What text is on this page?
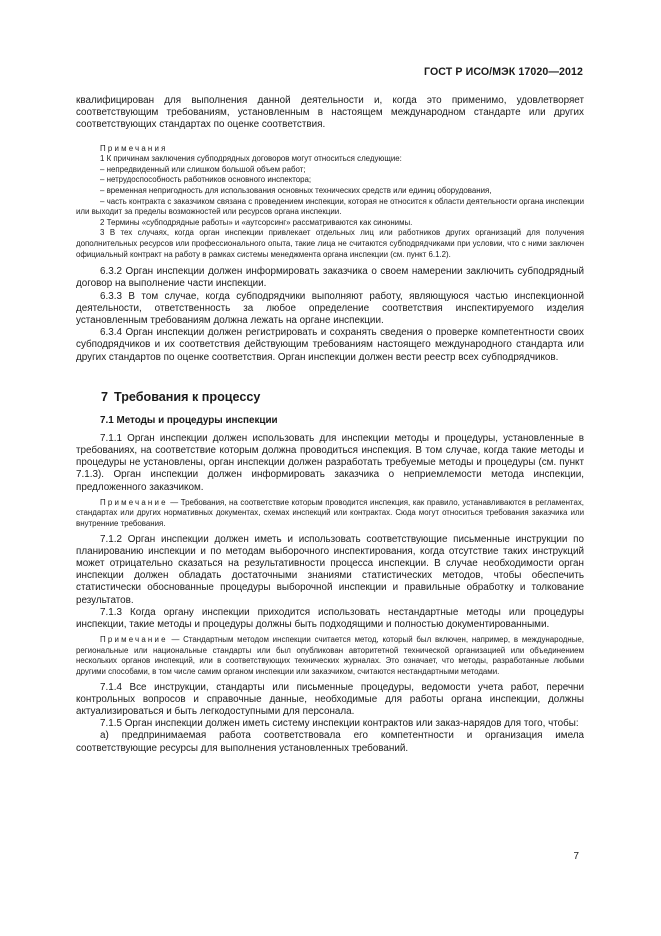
ГОСТ Р ИСО/МЭК 17020—2012

квалифицирован для выполнения данной деятельности и, когда это применимо, удовлетворяет соответствующим требованиям, установленным в настоящем международном стандарте или других соответствующих стандартах по оценке соответствия.

Примечания

1 К причинам заключения субподрядных договоров могут относиться следующие:

– непредвиденный или слишком большой объем работ;

– нетрудоспособность работников основного инспектора;

– временная непригодность для использования основных технических средств или единиц оборудования,

– часть контракта с заказчиком связана с проведением инспекции, которая не относится к области деятельности органа инспекции или выходит за пределы возможностей или ресурсов органа инспекции.

2 Термины «субподрядные работы» и «аутсорсинг» рассматриваются как синонимы.

3 В тех случаях, когда орган инспекции привлекает отдельных лиц или работников других организаций для получения дополнительных ресурсов или профессионального опыта, такие лица не считаются субподрядчиками при условии, что с ними заключен официальный контракт на работу в рамках системы менеджмента органа инспекции (см. пункт 6.1.2).

6.3.2 Орган инспекции должен информировать заказчика о своем намерении заключить субподрядный договор на выполнение части инспекции.

6.3.3 В том случае, когда субподрядчики выполняют работу, являющуюся частью инспекционной деятельности, ответственность за любое определение соответствия инспектируемого изделия установленным требованиям должна лежать на органе инспекции.

6.3.4 Орган инспекции должен регистрировать и сохранять сведения о проверке компетентности своих субподрядчиков и их соответствия действующим требованиям настоящего международного стандарта или других стандартов по оценке соответствия. Орган инспекции должен вести реестр всех субподрядчиков.

7 Требования к процессу
7.1 Методы и процедуры инспекции

7.1.1 Орган инспекции должен использовать для инспекции методы и процедуры, установленные в требованиях, на соответствие которым должна проводиться инспекция. В том случае, когда такие методы и процедуры не установлены, орган инспекции должен разработать требуемые методы и процедуры (см. пункт 7.1.3). Орган инспекции должен информировать заказчика о неприемлемости метода инспекции, предложенного заказчиком.

Примечание — Требования, на соответствие которым проводится инспекция, как правило, устанавливаются в регламентах, стандартах или других нормативных документах, схемах инспекций или контрактах. Сюда могут относиться требования заказчика или внутренние требования.

7.1.2 Орган инспекции должен иметь и использовать соответствующие письменные инструкции по планированию инспекции и по методам выборочного инспектирования, когда отсутствие таких инструкций может отрицательно сказаться на результативности процесса инспекции. В случае необходимости орган инспекции должен обладать достаточными знаниями статистических методов, чтобы обеспечить статистически обоснованные процедуры выборочной инспекции и правильные обработку и толкование результатов.

7.1.3 Когда органу инспекции приходится использовать нестандартные методы или процедуры инспекции, такие методы и процедуры должны быть подходящими и полностью документированными.

Примечание — Стандартным методом инспекции считается метод, который был включен, например, в международные, региональные или национальные стандарты или был опубликован авторитетной технической организацией или объединением нескольких органов инспекций, или в соответствующих технических журналах. Это означает, что методы, разработанные любыми другими способами, в том числе самим органом инспекции или заказчиком, считаются нестандартными методами.

7.1.4 Все инструкции, стандарты или письменные процедуры, ведомости учета работ, перечни контрольных вопросов и справочные данные, необходимые для работы органа инспекции, должны актуализироваться и быть легкодоступными для персонала.

7.1.5 Орган инспекции должен иметь систему инспекции контрактов или заказ-нарядов для того, чтобы:

а) предпринимаемая работа соответствовала его компетентности и организация имела соответствующие ресурсы для выполнения установленных требований.

7
